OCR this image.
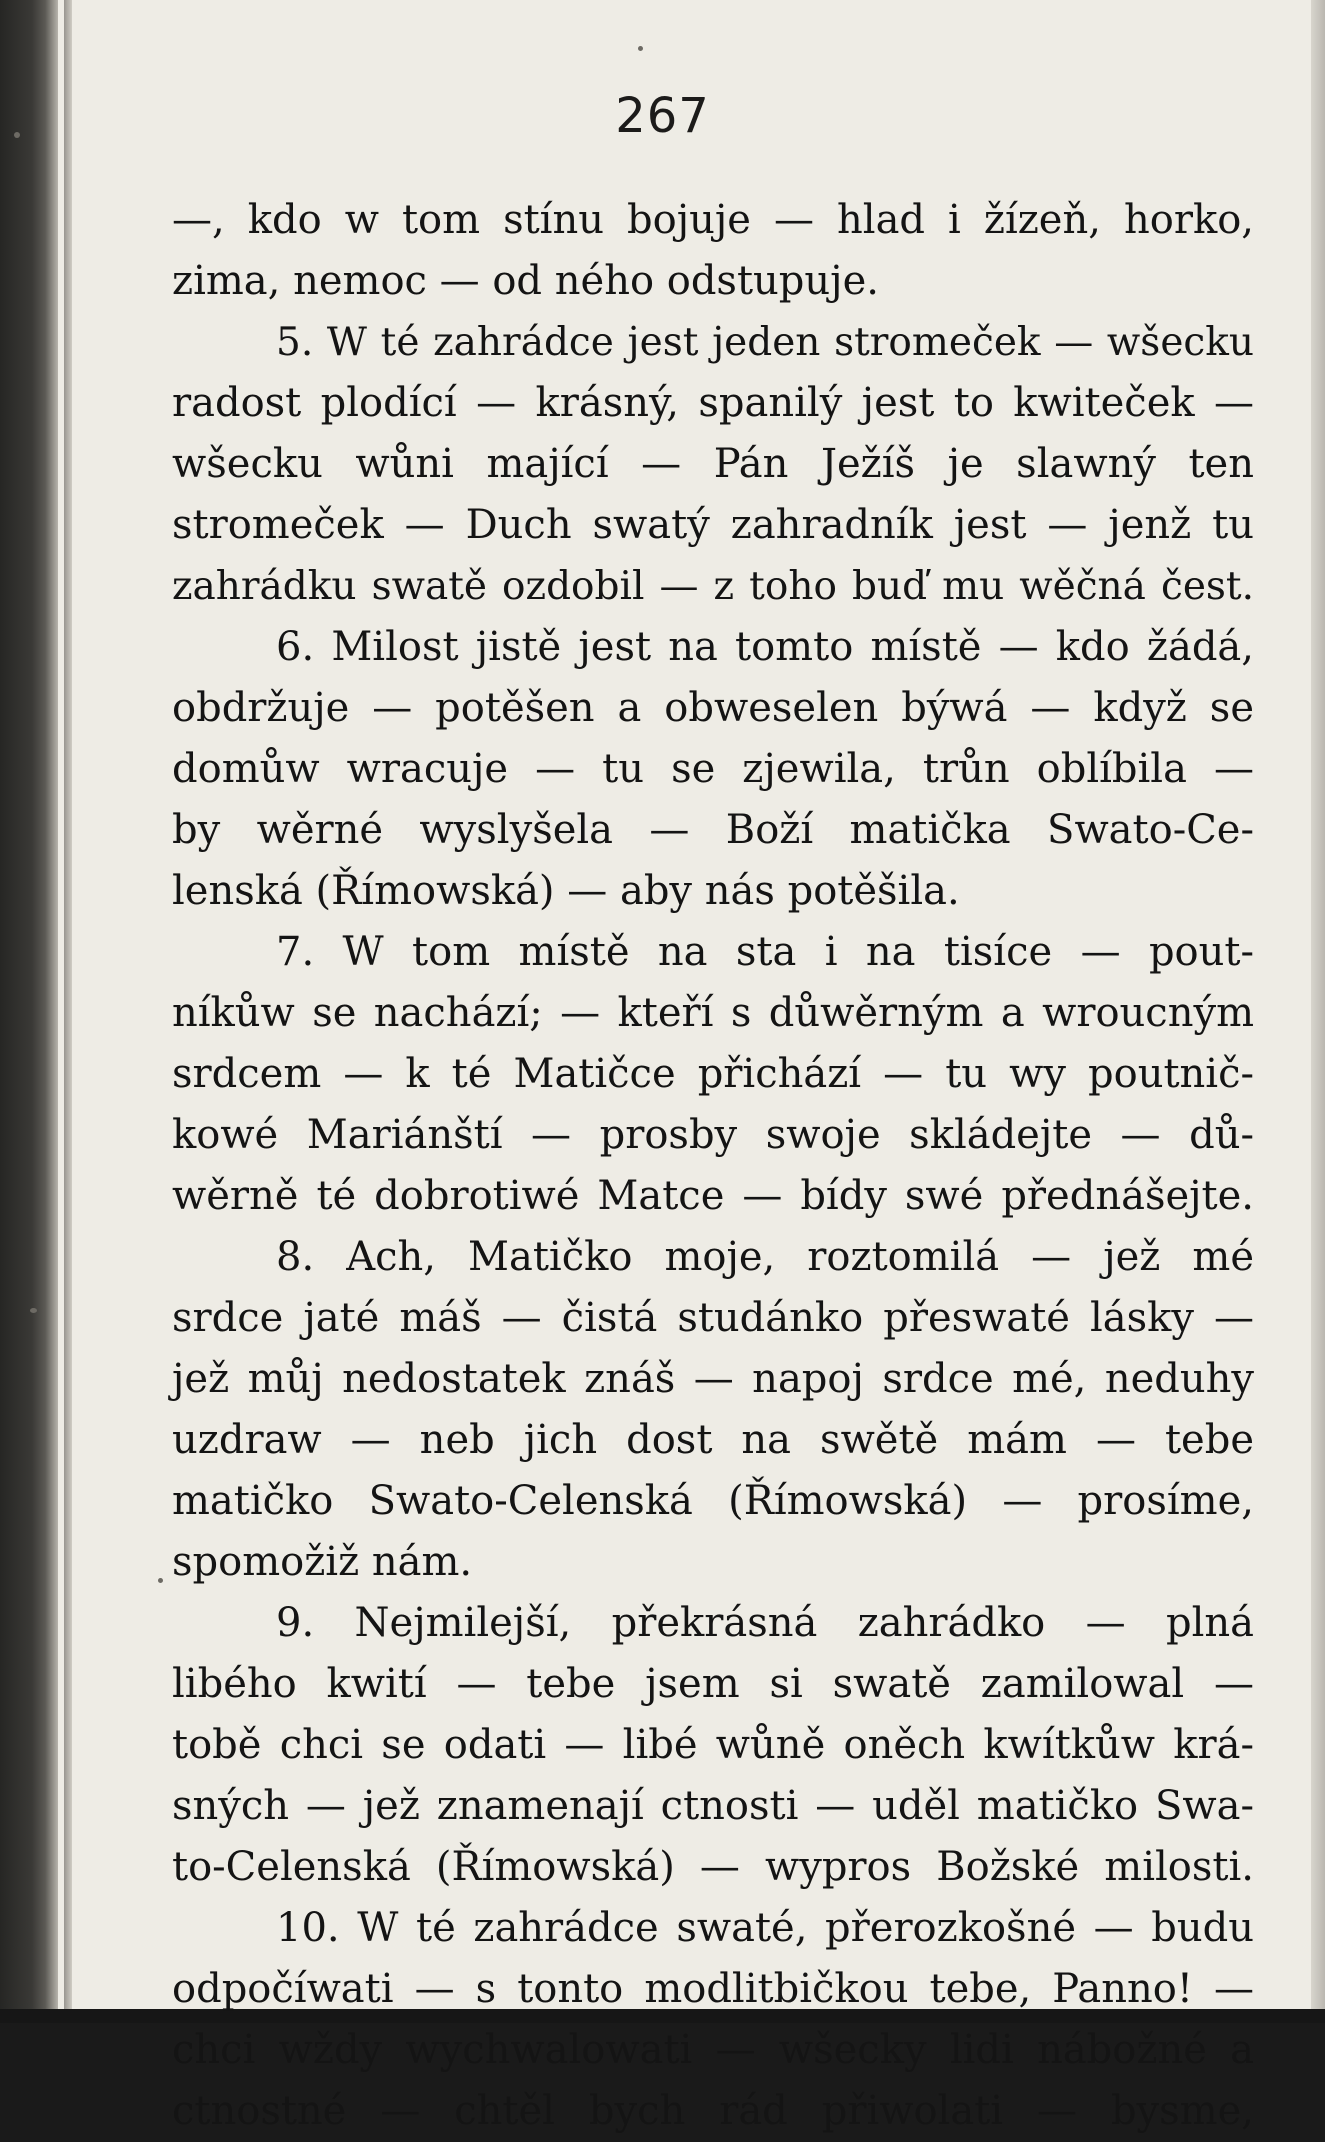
267
—, kdo w tom stínu bojuje — hlad i žízeň, horko,
zima, nemoc — od ného odstupuje.
5. W té zahrádce jest jeden stromeček — wšecku
radost plodící — krásný, spanilý jest to kwiteček —
wšecku wůni mající — Pán Ježíš je slawný ten
stromeček — Duch swatý zahradník jest — jenž tu
zahrádku swatě ozdobil — z toho buď mu wěčná čest.
6. Milost jistě jest na tomto místě — kdo žádá,
obdržuje — potěšen a obweselen býwá — když se
domůw wracuje — tu se zjewila, trůn oblíbila —
by wěrné wyslyšela — Boží matička Swato-Ce-
lenská (Římowská) — aby nás potěšila.
7. W tom místě na sta i na tisíce — pout-
níkůw se nachází; — kteří s důwěrným a wroucným
srdcem — k té Matičce přichází — tu wy poutnič-
kowé Mariánští — prosby swoje skládejte — dů-
wěrně té dobrotiwé Matce — bídy swé přednášejte.
8. Ach, Matičko moje, roztomilá — jež mé
srdce jaté máš — čistá studánko přeswaté lásky —
jež můj nedostatek znáš — napoj srdce mé, neduhy
uzdraw — neb jich dost na swětě mám — tebe
matičko Swato-Celenská (Římowská) — prosíme,
spomožiž nám.
9. Nejmilejší, překrásná zahrádko — plná
libého kwití — tebe jsem si swatě zamilowal —
tobě chci se odati — libé wůně oněch kwítkůw krá-
sných — jež znamenají ctnosti — uděl matičko Swa-
to-Celenská (Římowská) — wypros Božské milosti.
10. W té zahrádce swaté, přerozkošné — budu
odpočíwati — s tonto modlitbičkou tebe, Panno! —
chci wždy wychwalowati — wšecky lidi nábožné a
ctnostné — chtěl bych rád přiwolati — bysme,
